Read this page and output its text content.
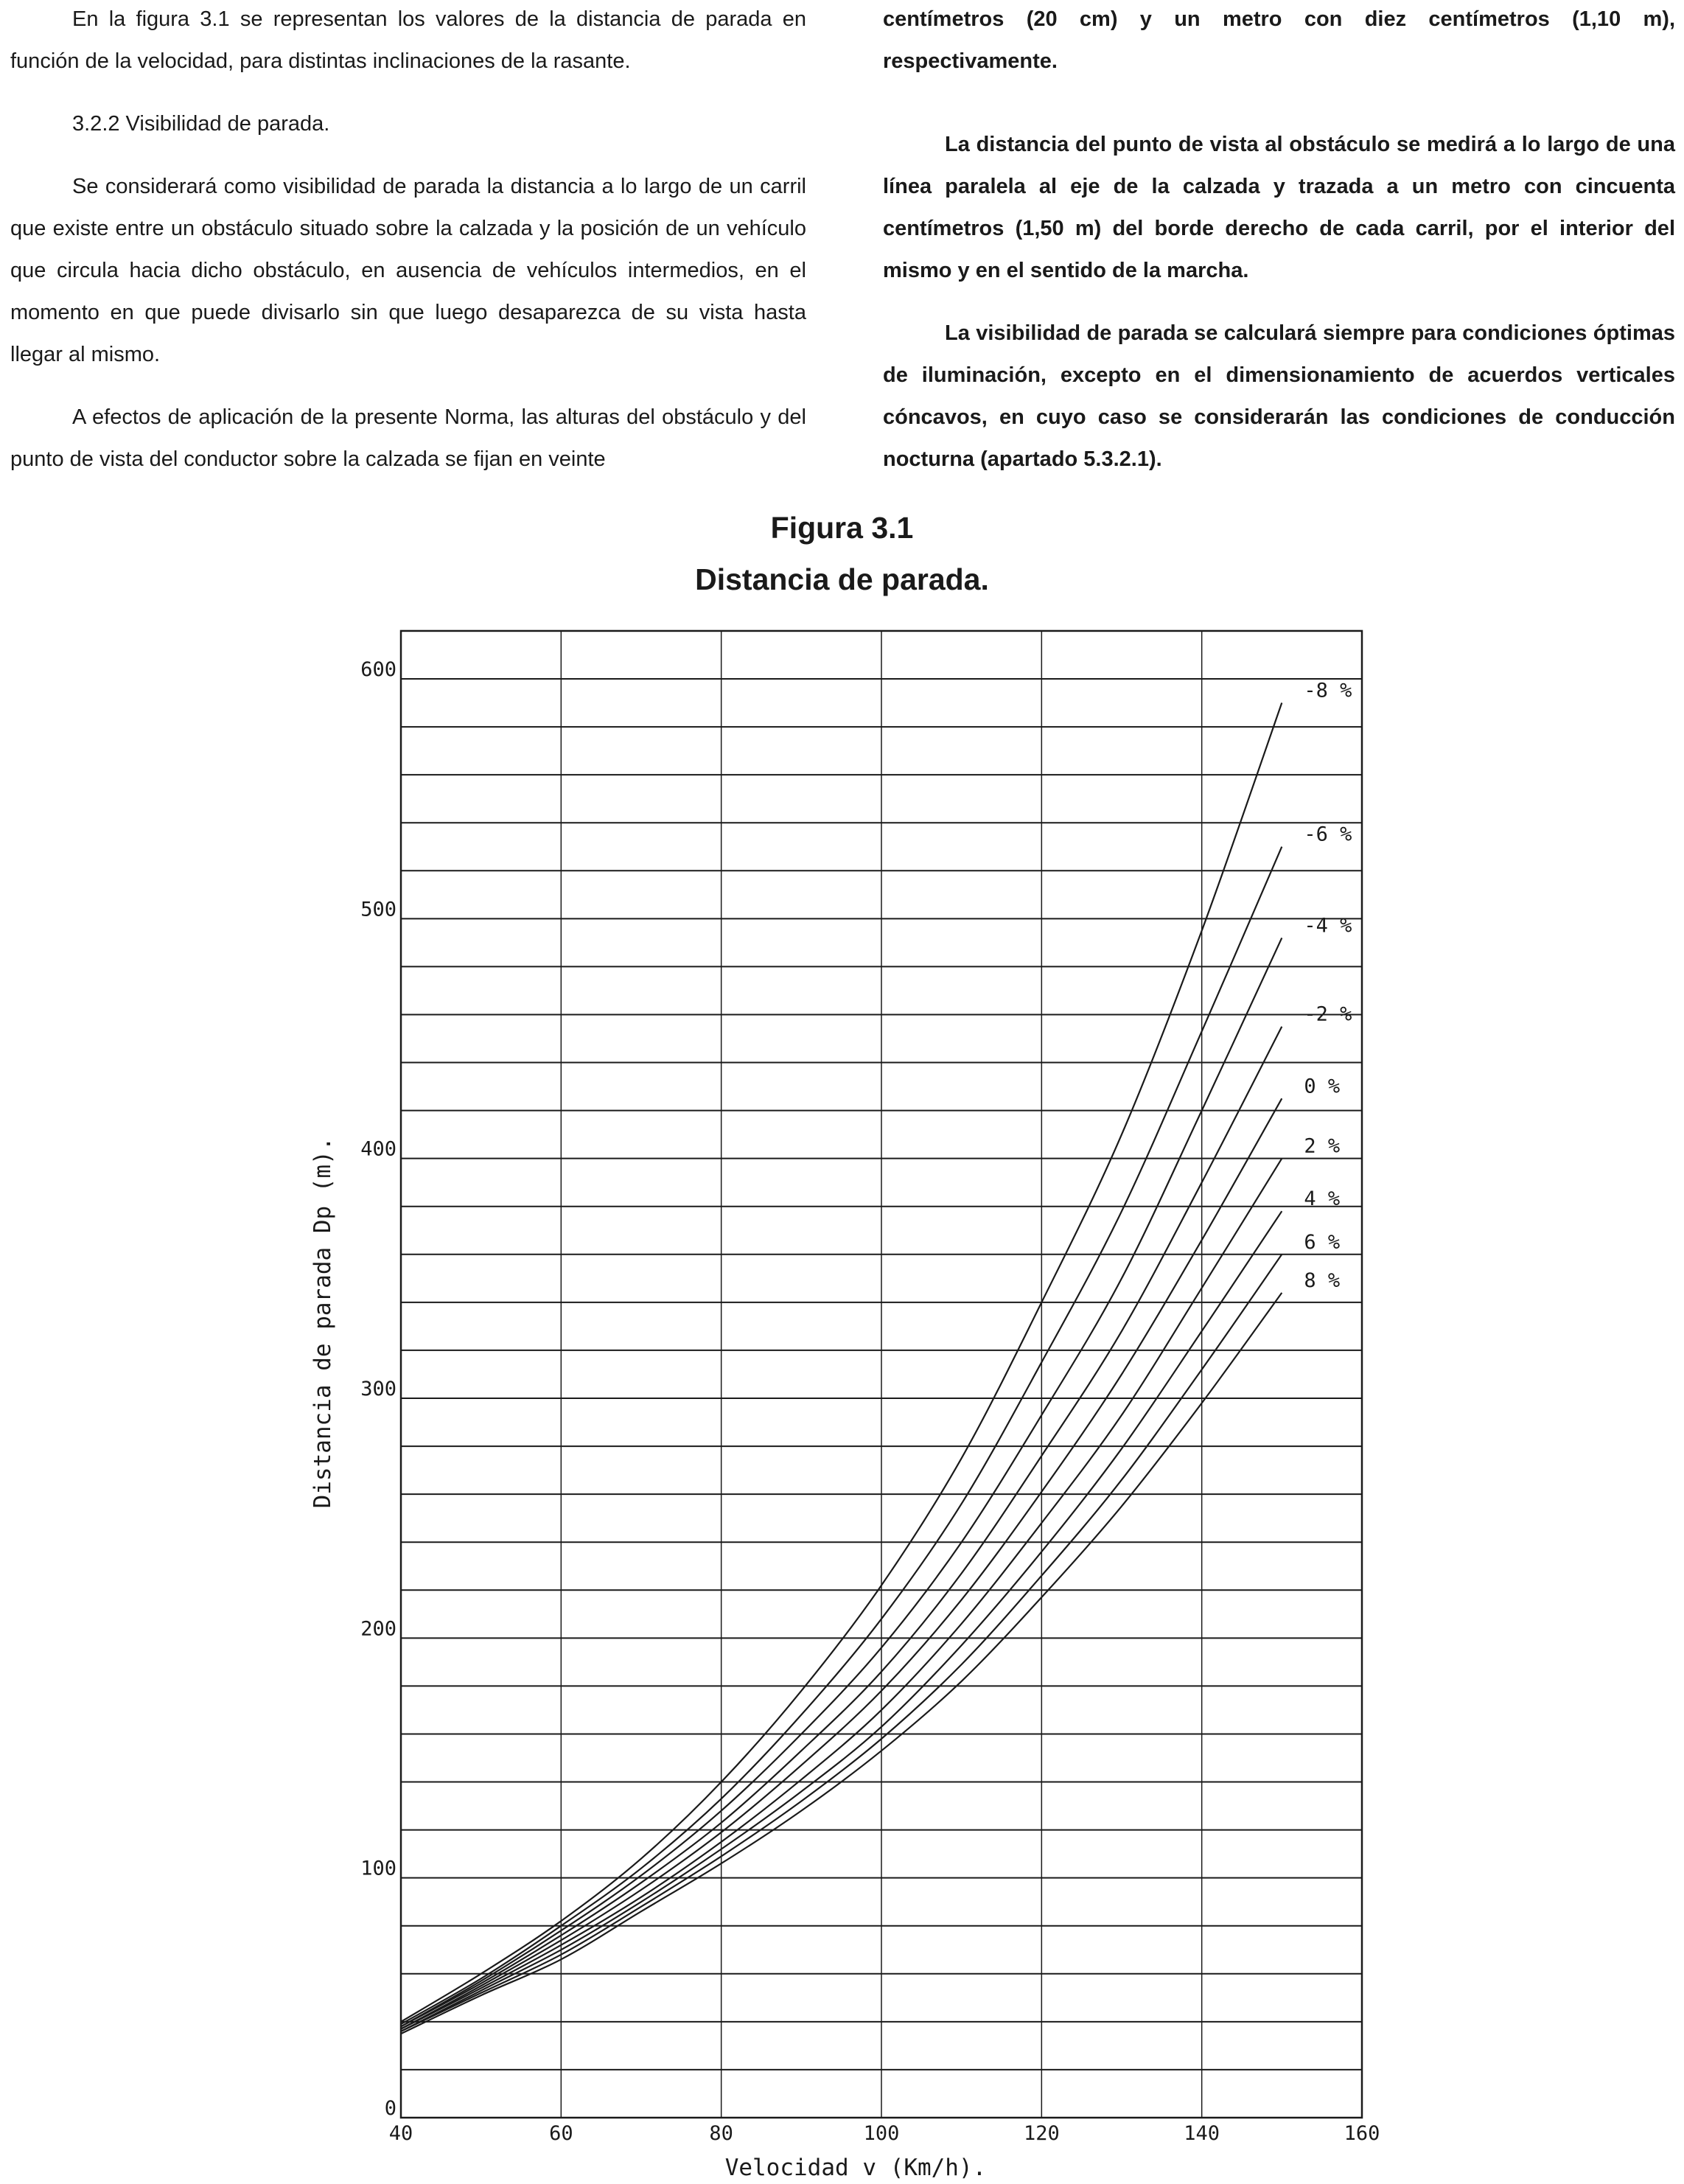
En la figura 3.1 se representan los valores de la distancia de parada en función de la velocidad, para distintas inclinaciones de la rasante.

3.2.2 Visibilidad de parada.

Se considerará como visibilidad de parada la distancia a lo largo de un carril que existe entre un obstáculo situado sobre la calzada y la posición de un vehículo que circula hacia dicho obstáculo, en ausencia de vehículos intermedios, en el momento en que puede divisarlo sin que luego desaparezca de su vista hasta llegar al mismo.

A efectos de aplicación de la presente Norma, las alturas del obstáculo y del punto de vista del conductor sobre la calzada se fijan en veinte

centímetros (20 cm) y un metro con diez centímetros (1,10 m), respectivamente.

La distancia del punto de vista al obstáculo se medirá a lo largo de una línea paralela al eje de la calzada y trazada a un metro con cincuenta centímetros (1,50 m) del borde derecho de cada carril, por el interior del mismo y en el sentido de la marcha.

La visibilidad de parada se calculará siempre para condiciones óptimas de iluminación, excepto en el dimensionamiento de acuerdos verticales cóncavos, en cuyo caso se considerarán las condiciones de conducción nocturna (apartado 5.3.2.1).

Figura 3.1
Distancia de parada.
0
100
200
300
400
500
600
40	60	80	100	120	140	160
Velocidad v (Km/h).
Distancia de parada Dp (m).
-8 %
-6 %
-4 %
-2 %
0 %
2 %
4 %
6 %
8 %
